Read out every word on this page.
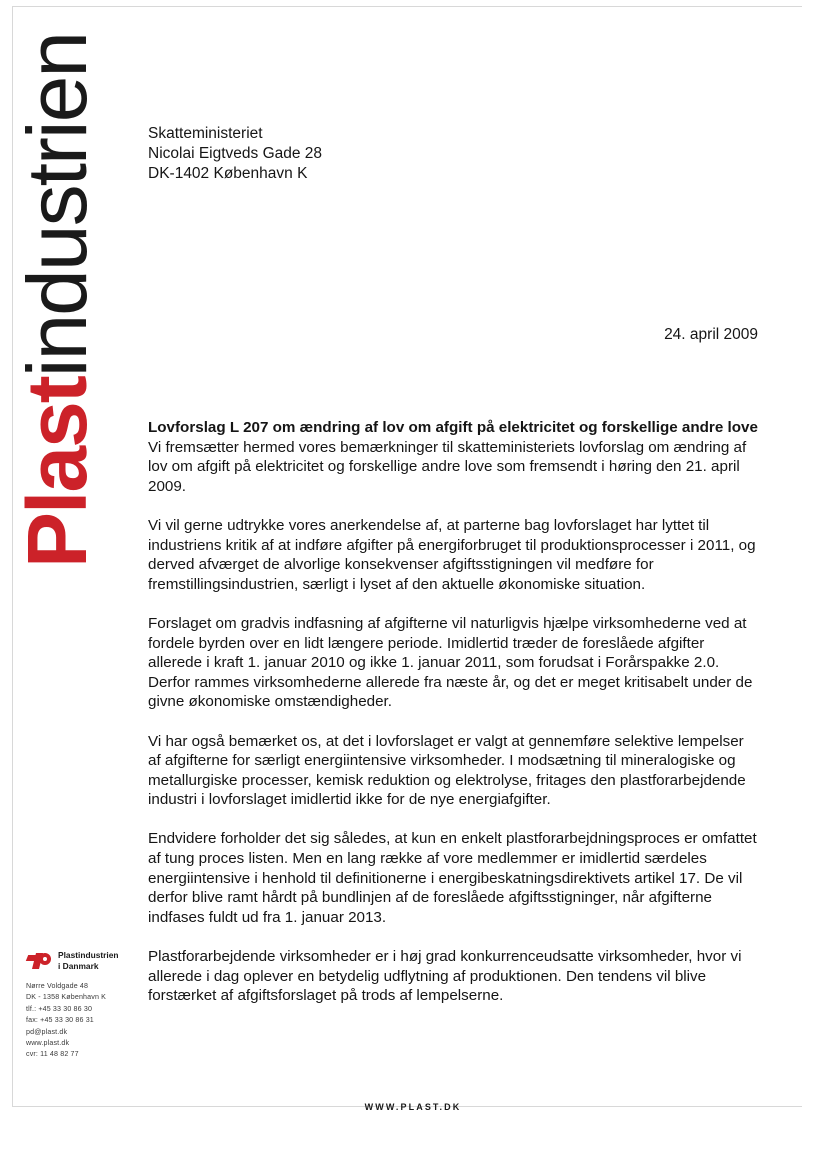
Plast
industrien	Skatteministeriet
Nicolai Eigtveds Gade 28
DK-1402 København K
24. april 2009
Lovforslag L 207 om ændring af lov om afgift på elektricitet og forskellige andre love

Vi fremsætter hermed vores bemærkninger til skatteministeriets lovforslag om ændring af lov om afgift på elektricitet og forskellige andre love som fremsendt i høring den 21. april 2009.

Vi vil gerne udtrykke vores anerkendelse af, at parterne bag lovforslaget har lyttet til industriens kritik af at indføre afgifter på energiforbruget til produktionsprocesser i 2011, og derved afværget de alvorlige konsekvenser afgiftsstigningen vil medføre for fremstillingsindustrien, særligt i lyset af den aktuelle økonomiske situation.

Forslaget om gradvis indfasning af afgifterne vil naturligvis hjælpe virksomhederne ved at fordele byrden over en lidt længere periode. Imidlertid træder de foreslåede afgifter allerede i kraft 1. januar 2010 og ikke 1. januar 2011, som forudsat i Forårspakke 2.0. Derfor rammes virksomhederne allerede fra næste år, og det er meget kritisabelt under de givne økonomiske omstændigheder.

Vi har også bemærket os, at det i lovforslaget er valgt at gennemføre selektive lempelser af afgifterne for særligt energiintensive virksomheder. I modsætning til mineralogiske og metallurgiske processer, kemisk reduktion og elektrolyse, fritages den plastforarbejdende industri i lovforslaget imidlertid ikke for de nye energiafgifter.

Endvidere forholder det sig således, at kun en enkelt plastforarbejdningsproces er omfattet af tung proces listen. Men en lang række af vore medlemmer er imidlertid særdeles energiintensive i henhold til definitionerne i energibeskatningsdirektivets artikel 17. De vil derfor blive ramt hårdt på bundlinjen af de foreslåede afgiftsstigninger, når afgifterne indfases fuldt ud fra 1. januar 2013.

Plastforarbejdende virksomheder er i høj grad konkurrenceudsatte virksomheder, hvor vi allerede i dag oplever en betydelig udflytning af produktionen. Den tendens vil blive forstærket af afgiftsforslaget på trods af lempelserne.

Plastindustrien
i Danmark
Nørre Voldgade 48
DK - 1358 København K
tlf.: +45 33 30 86 30
fax: +45 33 30 86 31
pd@plast.dk
www.plast.dk
cvr: 11 48 82 77
WWW.PLAST.DK
